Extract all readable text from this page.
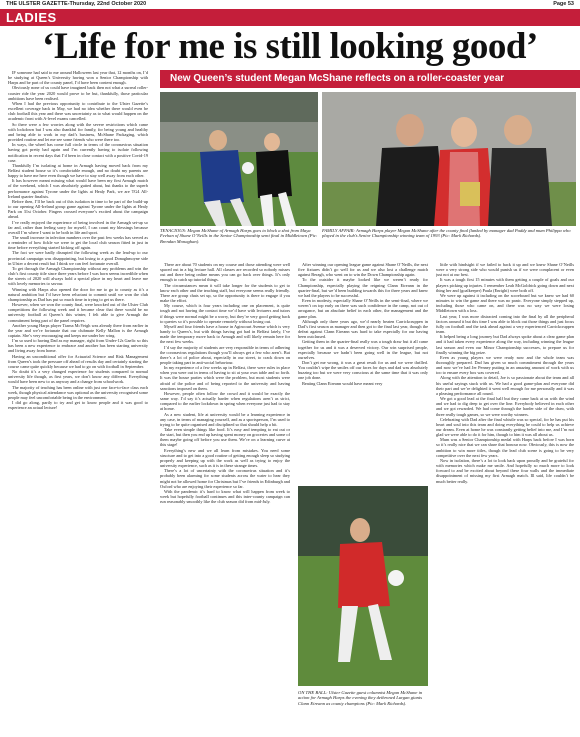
THE ULSTER GAZETTE-Thursday, 22nd October 2020	Page 53
LADIES
‘Life for me is still looking good’
New Queen’s student Megan McShane reflects on a roller-coaster year

IF someone had said to me around Halloween last year that, 12 months on, I’d be studying at Queen’s University having won a Senior Championship with Harps and be part of the county panel, I’d have been content enough.

Obviously none of us could have imagined back then not what a surreal roller-coaster ride the year 2020 would prove to be but, thankfully, those particular ambitions have been realised.

When I had the previous opportunity to contribute to the Ulster Gazette’s excellent coverage back in May, we had no idea whether there would even be club football this year and there was uncertainty as to what would happen on the academic front with A-level exams cancelled.

So there were a few worries along with the severe restrictions which came with lockdown but I was also thankful for family, for being young and healthy and being able to work in my dad’s business, McShane Packaging, which provided routine and let me see some friends who were there too.

In ways, the wheel has come full circle in terms of the coronavirus situation having got pretty bad again and I’m currently having to isolate following notification in recent days that I’d been in close contact with a positive Covid-19 case.

Thankfully I’m isolating at home in Armagh having moved back from my Belfast student house so it’s comfortable enough, and no doubt my parents are happy to have me here even though we have to stay well away from each other.

It has however meant missing what would have been my first Armagh match of the weekend, which I was absolutely gutted about, but thanks to the superb performance against Tyrone under the lights at Healy Park, we are TG4 All-Ireland quarter finalists.

Before then, I’ll be back out of this isolation in time to be part of the build-up to our opening All-Ireland group game against Tyrone under the lights at Healy Park on 31st October. Fingers crossed everyone’s excited about the campaign ahead.

I’ve really enjoyed the experience of being involved in the Armagh set-up so far and, rather than feeling sorry for myself, I can count my blessings because overall I’m where I want to be both in life and sport.

The small increase in infection numbers over the past few weeks has served as a reminder of how fickle we were to get the local club season fitted in just in time before everything started kicking off again.

The fact we were badly disrupted the following week as the lead-up to our provincial campaign was disappointing, but losing to a good Donaghmoyne side in Ulster a decent result but I think we can feel fortunate overall.

To get through the Armagh Championship without any problems and win the club’s first county title since three years before I was born seems incredible when the streets of 2020 will always hold a special place in my heart and leave me with lovely memories to savour.

Winning with Harps also opened the door for me to go to county as it’s a natural ambition but I’d have been reluctant to commit until we won the club championship as Dad has put so much time in trying to get us there.

However, when we won the county final, were knocked out of the Ulster Club competitions the following week and it became clear that there would be no university football at Queen’s this winter, I felt able to give Armagh the commitment being part of the panel requires.

Another young Harps player Tiarna McVeigh was already there from earlier in the year and we’re fortunate that our clubmate Kelly Mallon is the Armagh captain. She’s very encouraging and keeps me under her wing.

I’m so used to having Dad as my manager, right from Under-12s Gaelic so this has been a new experience to embrace and another has been starting university and living away from home.

Having an unconditional offer for Actuarial Science and Risk Management from Queen’s took the pressure off ahead of results day and certainly starting the course came quite quickly because we had to go on with football in September.

No doubt it’s a very changed experience for students compared to normal university life though, as first years, we don’t know any different. Everything would have been new to us anyway and a change from schoolwork.

The majority of teaching has been online with just one face-to-face class each week, though physical attendance was optional as the university recognised some people may feel uncomfortable being in the environment.

I did go along, partly to try and get to know people and it was good to experience an actual lecture!

TENACIOUS: Megan McShane of Armagh Harps goes to block a shot from Maya Feehan of Shane O’Neills in the Senior Championship semi final in Middletown (Pic: Brendan Monaghan).
FAMILY AFFAIR: Armagh Harps player Megan McShane after the county final flanked by manager dad Paddy and mum Philippa who played in the club’s Senior Championship winning team of 1993 (Pic: Mark Richards).

There are about 70 students on my course and those attending were well spaced out in a big lecture hall. All classes are recorded so nobody misses out and there being online means you can go back over things. It’s only enough to catch up tutorial things.

The circumstances mean it will take longer for the students to get to know each other and the teaching staff, but everyone seems really friendly. There are group chats set up, so the opportunity is there to engage if you make the effort.

My course, which is four years including one on placement, is quite tough and not having the contact time we’d have with lecturers and tutors if things were normal might be a worry, but they’re very good getting back to queries so it’s possible to operate remotely without losing out.

Myself and four friends have a house in Agincourt Avenue which is very handy to Queen’s, but with things having got bad in Belfast lately, I’ve made the temporary move back to Armagh and will likely remain here for the next few weeks.

I’d say the majority of students are very responsible in terms of adhering the coronavirus regulations though you’ll always get a few who aren’t. But there’s a lot of police about, especially in our street, to crack down on people taking part in anti-social behaviour.

In my experience of a few weeks up in Belfast, there were rules in place when you were out in terms of having to sit at your own table and so forth. It was the house parties which were the problem, but most students were afraid of the police and of being reported to the university and having sanctions imposed on them.

However, people often follow the crowd and it would be exactly the same way. I’d say it’s actually harder when regulations aren’t as strict, compared to the earlier lockdown in spring when everyone just had to stay at home.

As a new student, life at university would be a learning experience in any case, in terms of managing yourself, and as a sportsperson, I’m used to trying to be quite organised and disciplined so that should help a bit.

Take even simple things like food. It’s easy and tempting to eat out or the start, but then you end up having spent money on groceries and some of them maybe going off before you use them. We’re on a learning curve at this stage!

Everything’s new and we all learn from mistakes. You need some structure and to get into a good routine of getting enough sleep so studying properly and keeping up with the work as well as trying to enjoy the university experience, such as it is in these strange times.

There’s a lot of uncertainty with the coronavirus situation and it’s probably been alarming for some students across the water to hear they might not be allowed home for Christmas but I’ve friends in Edinburgh and Oxford who are enjoying their experience so far.

With the pandemic it’s hard to know what will happen from week to week but hopefully football continues and this inter-county campaign can run reasonably smoothly like the club season did from mid-July.

After winning our opening league game against Shane O’Neills, the next five fixtures didn’t go well for us and we also lost a challenge match against Beragh, who went on to win the Down Championship again.

To the outsider it maybe looked like we weren’t ready for Championship, especially playing the reigning Clann Eireann in the quarter-final, but we’d been building towards this for three years and knew we had the players to be successful.

Even in modesty, especially Shane O’Neills in the semi-final, where we weren’t on top early on there was such confidence in the camp, not out of arrogance, but an absolute belief in each other, the management and the game plan.

Although only three years ago, we’d nearly beaten Carrickcruppen in Dad’s first season as manager and then got to the final last year, though the defeat against Clann Eireann was hard to take especially for our having been outclassed.

Getting them in the quarter-final really was a tough draw but it all came together for us and it was a deserved victory. Our win surprised people, especially because we hadn’t been going well in the league, but not ourselves.

Don’t get me wrong, it was a great result for us and we were thrilled. You couldn’t wipe the smiles off our faces for days and dad was absolutely buzzing too but we were very conscious at the same time that it was only one job done.

Beating Clann Eireann would have meant very

ON THE BALL: Ulster Gazette guest columnist Megan McShane in action for Armagh Harps the evening they dethroned Lurgan giants Clann Eireann as county champions (Pic: Mark Richards).

little with hindsight if we failed to back it up and we knew Shane O’Neills were a very strong side who would punish us if we were complacent or even just not at our best.

It was a tough first 15 minutes with them getting a couple of goals and our players picking up injuries. I remember Leah McGoldrick going down and next thing her and (goalkeeper) Paula (Enright) were both off.

We were up against it including on the scoreboard but we knew we had 60 minutes to win the game and there was no panic. Everyone simply stepped up, including those who came on, and there was no way we were losing Middletown with a loss.

Last year, I was more distracted coming into the final by all the peripheral factors around it but this time I was able to block out those things and just focus fully on football and the task ahead against a very experienced Carrickcruppen team.

It helped being a long journey but Dad always spoke about a clear game plan and it had taken every experience along the way, including winning the league last season and even our Minor Championship successes, to prepare us for finally winning the big prize.

Even as young players we were ready now and the whole team was thoroughly prepared. Dad has given so much commitment through the years and now we’ve had Jer Penney putting in an amazing amount of work with us too to ensure every box was covered.

Along with the attention to detail, Joe is so passionate about the team and all his useful sayings stuck with us. We had a good game-plan and everyone did their part and we’re delighted it went well enough for me personally and it was a pleasing performance all round.

We got a good lead at the final half but they came back at us with the wind and we had to dig deep to get over the line. Everybody believed in each other and we got rewarded. We had come through the harder side of the draw, with three really tough games, so we were worthy winners.

Celebrating with Dad after the final whistle was so special, for he has put his heart and soul into this team and doing everything he could to help us achieve our dream. Even at home he was constantly getting belief into me, and I’m not glad we were able to do it for him, though to him it was all about us.

Mum was a Senior Championship medal with Harps back before I was born so it’s really nice that we can share that honour now. Obviously, this is now the ambition to win more titles, though the lead club scene is going to be very competitive over the next few years.

Now in isolation, there’s a lot to look back upon proudly and be grateful for with memories which make me smile. And hopefully so much more to look forward to and be excited about beyond these four walls and the immediate disappointment of missing my first Armagh match. Ill said, life couldn’t be much better really.
